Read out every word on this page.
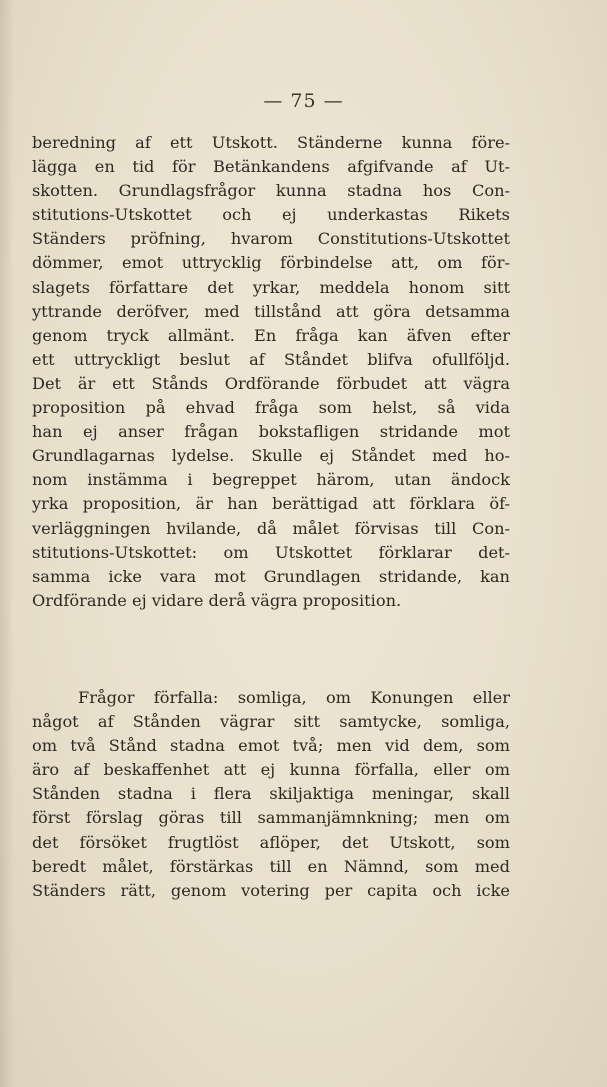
— 75 —
beredning af ett Utskott. Ständerne kunna före-
lägga en tid för Betänkandens afgifvande af Ut-
skotten. Grundlagsfrågor kunna stadna hos Con-
stitutions-Utskottet och ej underkastas Rikets
Ständers pröfning, hvarom Constitutions-Utskottet
dömmer, emot uttrycklig förbindelse att, om för-
slagets författare det yrkar, meddela honom sitt
yttrande deröfver, med tillstånd att göra detsamma
genom tryck allmänt. En fråga kan äfven efter
ett uttryckligt beslut af Ståndet blifva ofullföljd.
Det är ett Stånds Ordförande förbudet att vägra
proposition på ehvad fråga som helst, så vida
han ej anser frågan bokstafligen stridande mot
Grundlagarnas lydelse. Skulle ej Ståndet med ho-
nom instämma i begreppet härom, utan ändock
yrka proposition, är han berättigad att förklara öf-
verläggningen hvilande, då målet förvisas till Con-
stitutions-Utskottet: om Utskottet förklarar det-
samma icke vara mot Grundlagen stridande, kan
Ordförande ej vidare derå vägra proposition.
Frågor förfalla: somliga, om Konungen eller
något af Stånden vägrar sitt samtycke, somliga,
om två Stånd stadna emot två; men vid dem, som
äro af beskaffenhet att ej kunna förfalla, eller om
Stånden stadna i flera skiljaktiga meningar, skall
först förslag göras till sammanjämnkning; men om
det försöket frugtlöst aflöper, det Utskott, som
beredt målet, förstärkas till en Nämnd, som med
Ständers rätt, genom votering per capita och icke
